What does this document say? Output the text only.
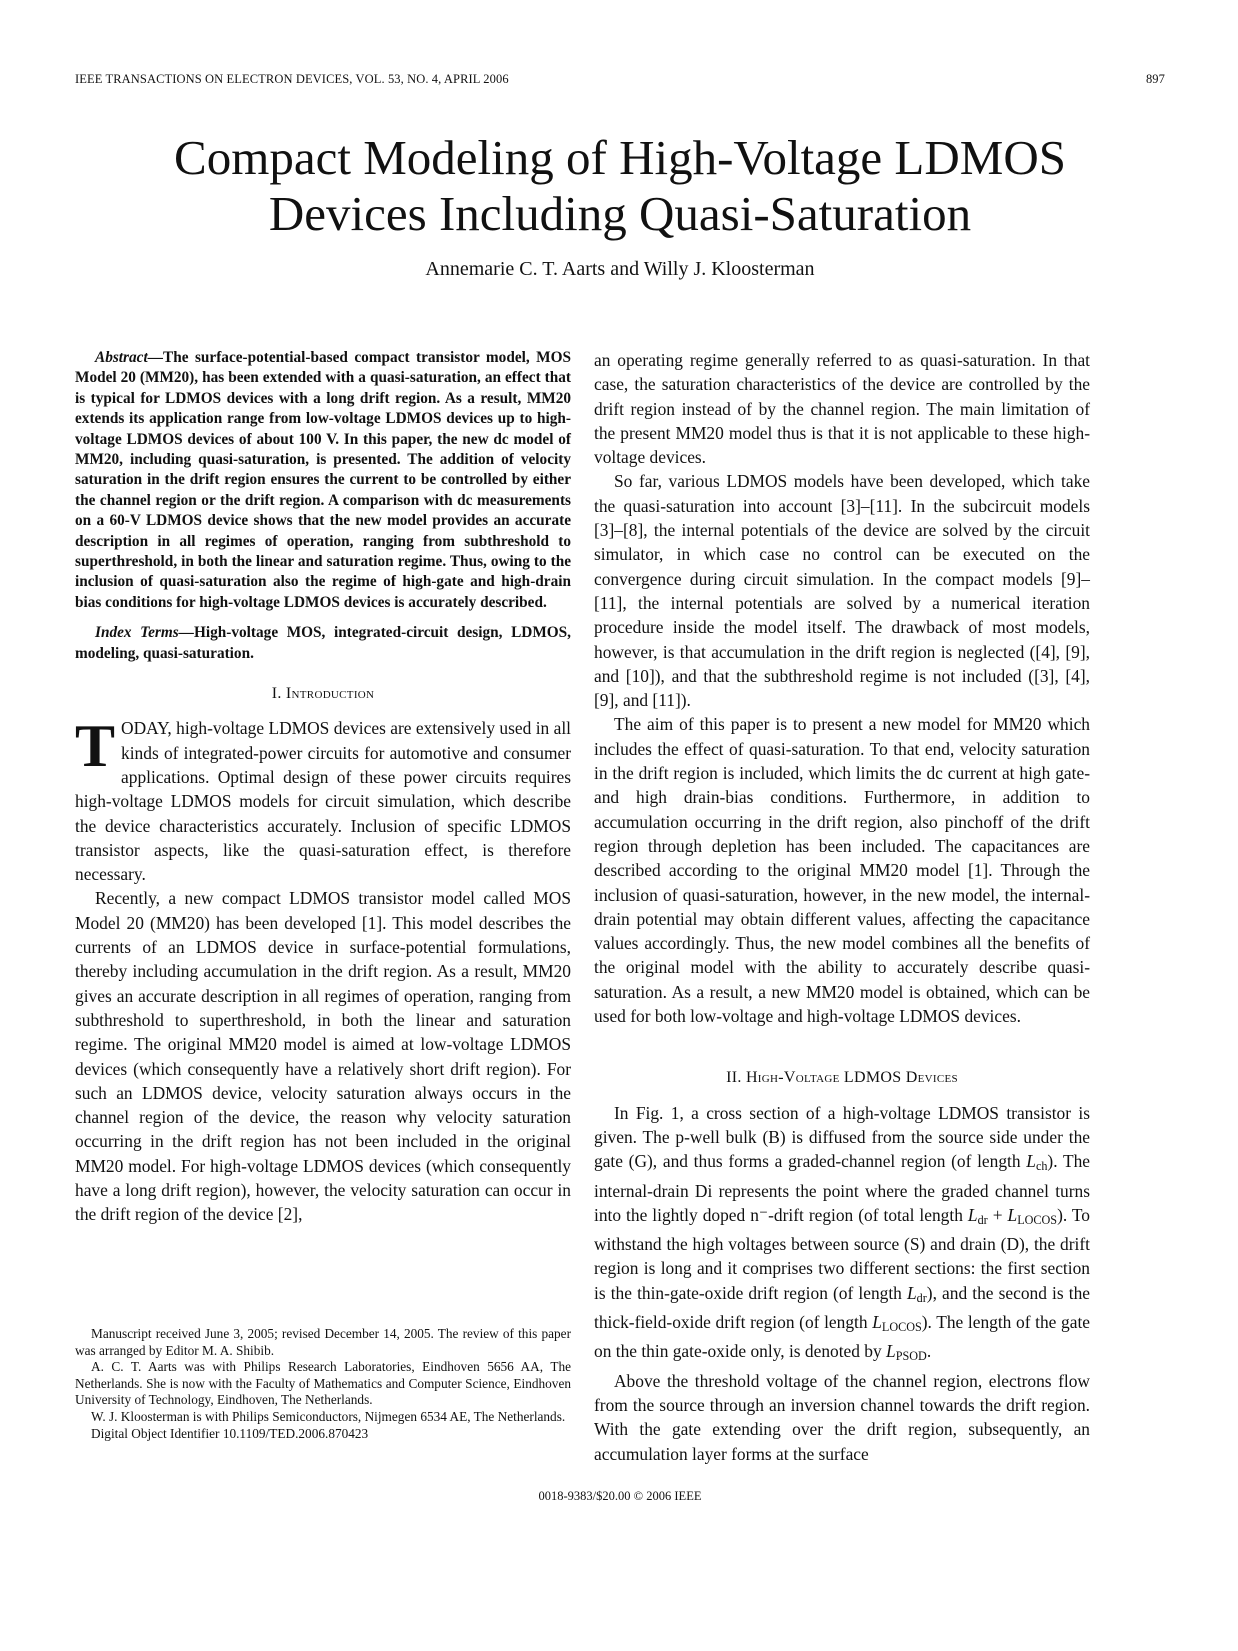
IEEE TRANSACTIONS ON ELECTRON DEVICES, VOL. 53, NO. 4, APRIL 2006	897
Compact Modeling of High-Voltage LDMOS
Devices Including Quasi-Saturation
Annemarie C. T. Aarts and Willy J. Kloosterman

Abstract—The surface-potential-based compact transistor model, MOS Model 20 (MM20), has been extended with a quasi-saturation, an effect that is typical for LDMOS devices with a long drift region. As a result, MM20 extends its application range from low-voltage LDMOS devices up to high-voltage LDMOS devices of about 100 V. In this paper, the new dc model of MM20, including quasi-saturation, is presented. The addition of velocity saturation in the drift region ensures the current to be controlled by either the channel region or the drift region. A comparison with dc measurements on a 60-V LDMOS device shows that the new model provides an accurate description in all regimes of operation, ranging from subthreshold to superthreshold, in both the linear and saturation regime. Thus, owing to the inclusion of quasi-saturation also the regime of high-gate and high-drain bias conditions for high-voltage LDMOS devices is accurately described.

Index Terms—High-voltage MOS, integrated-circuit design, LDMOS, modeling, quasi-saturation.

I. Introduction

TODAY, high-voltage LDMOS devices are extensively used in all kinds of integrated-power circuits for automotive and consumer applications. Optimal design of these power circuits requires high-voltage LDMOS models for circuit simulation, which describe the device characteristics accurately. Inclusion of specific LDMOS transistor aspects, like the quasi-saturation effect, is therefore necessary.

Recently, a new compact LDMOS transistor model called MOS Model 20 (MM20) has been developed [1]. This model describes the currents of an LDMOS device in surface-potential formulations, thereby including accumulation in the drift region. As a result, MM20 gives an accurate description in all regimes of operation, ranging from subthreshold to superthreshold, in both the linear and saturation regime. The original MM20 model is aimed at low-voltage LDMOS devices (which consequently have a relatively short drift region). For such an LDMOS device, velocity saturation always occurs in the channel region of the device, the reason why velocity saturation occurring in the drift region has not been included in the original MM20 model. For high-voltage LDMOS devices (which consequently have a long drift region), however, the velocity saturation can occur in the drift region of the device [2],

Manuscript received June 3, 2005; revised December 14, 2005. The review of this paper was arranged by Editor M. A. Shibib.

A. C. T. Aarts was with Philips Research Laboratories, Eindhoven 5656 AA, The Netherlands. She is now with the Faculty of Mathematics and Computer Science, Eindhoven University of Technology, Eindhoven, The Netherlands.

W. J. Kloosterman is with Philips Semiconductors, Nijmegen 6534 AE, The Netherlands.

Digital Object Identifier 10.1109/TED.2006.870423

an operating regime generally referred to as quasi-saturation. In that case, the saturation characteristics of the device are controlled by the drift region instead of by the channel region. The main limitation of the present MM20 model thus is that it is not applicable to these high-voltage devices.

So far, various LDMOS models have been developed, which take the quasi-saturation into account [3]–[11]. In the subcircuit models [3]–[8], the internal potentials of the device are solved by the circuit simulator, in which case no control can be executed on the convergence during circuit simulation. In the compact models [9]–[11], the internal potentials are solved by a numerical iteration procedure inside the model itself. The drawback of most models, however, is that accumulation in the drift region is neglected ([4], [9], and [10]), and that the subthreshold regime is not included ([3], [4], [9], and [11]).

The aim of this paper is to present a new model for MM20 which includes the effect of quasi-saturation. To that end, velocity saturation in the drift region is included, which limits the dc current at high gate- and high drain-bias conditions. Furthermore, in addition to accumulation occurring in the drift region, also pinchoff of the drift region through depletion has been included. The capacitances are described according to the original MM20 model [1]. Through the inclusion of quasi-saturation, however, in the new model, the internal-drain potential may obtain different values, affecting the capacitance values accordingly. Thus, the new model combines all the benefits of the original model with the ability to accurately describe quasi-saturation. As a result, a new MM20 model is obtained, which can be used for both low-voltage and high-voltage LDMOS devices.

II. High-Voltage LDMOS Devices

In Fig. 1, a cross section of a high-voltage LDMOS transistor is given. The p-well bulk (B) is diffused from the source side under the gate (G), and thus forms a graded-channel region (of length $L_{ch}$). The internal-drain Di represents the point where the graded channel turns into the lightly doped n⁻-drift region (of total length $L_{dr} + L_{LOCOS}$). To withstand the high voltages between source (S) and drain (D), the drift region is long and it comprises two different sections: the first section is the thin-gate-oxide drift region (of length $L_{dr}$), and the second is the thick-field-oxide drift region (of length $L_{LOCOS}$). The length of the gate on the thin gate-oxide only, is denoted by $L_{PSOD}$.

Above the threshold voltage of the channel region, electrons flow from the source through an inversion channel towards the drift region. With the gate extending over the drift region, subsequently, an accumulation layer forms at the surface

0018-9383/$20.00 © 2006 IEEE
